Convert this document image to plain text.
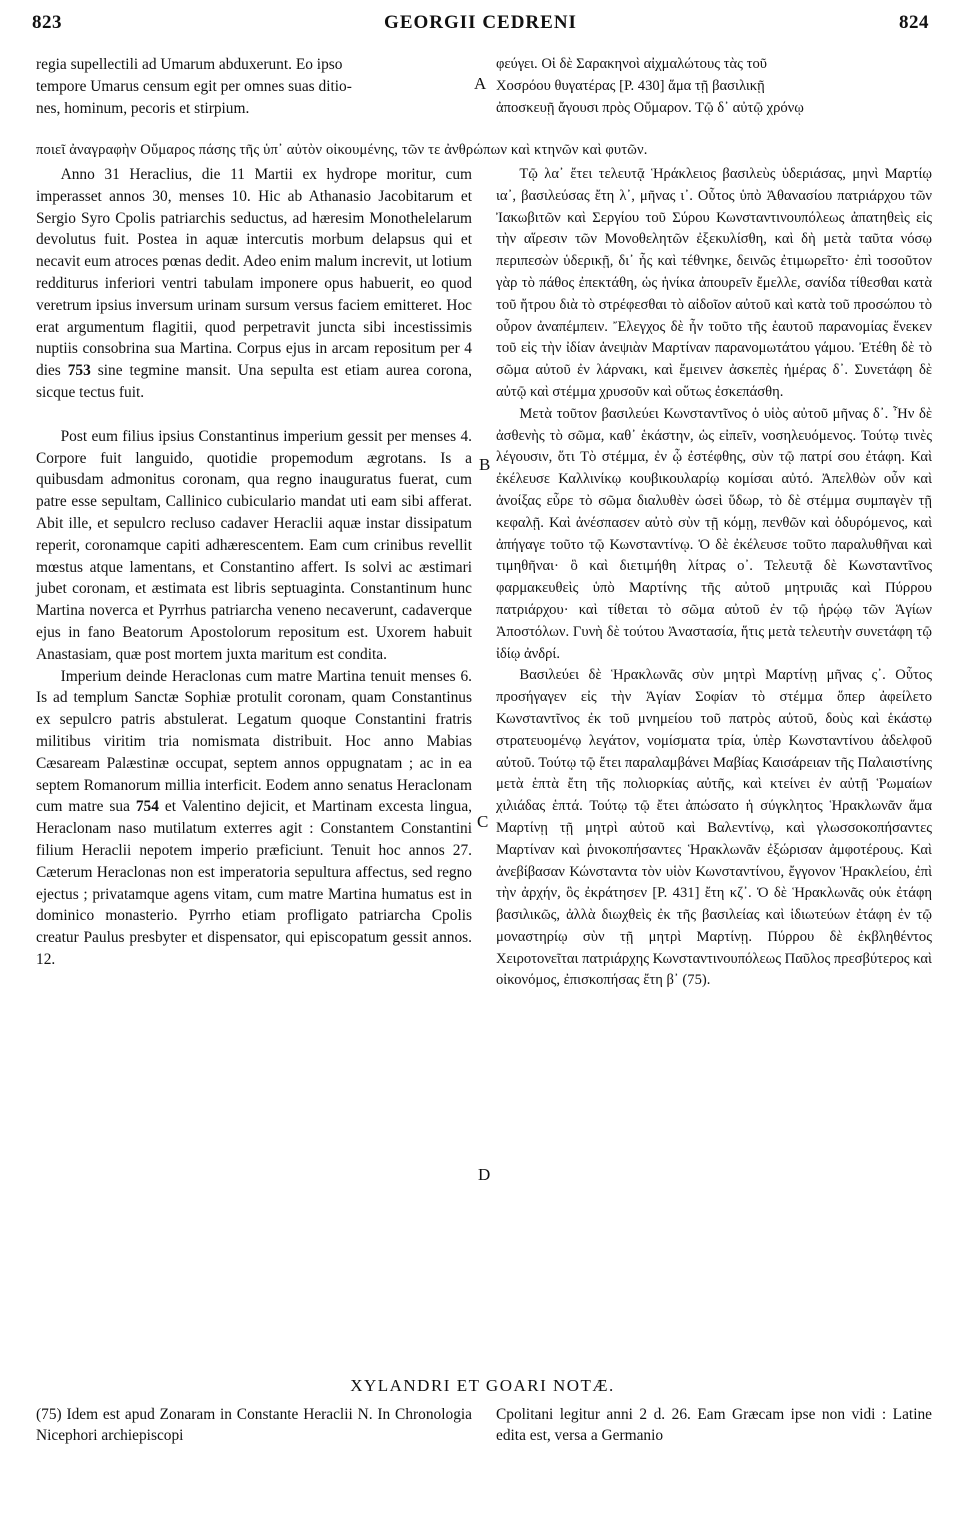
823	GEORGII CEDRENI	824
A
B
C
D
regia supellectili ad Umarum abduxerunt. Eo ipso
tempore Umarus censum egit per omnes suas ditio-
nes, hominum, pecoris et stirpium.
φεύγει. Οἱ δὲ Σαρακηνοὶ αἰχμαλώτους τὰς τοῦ
Χοσρόου θυγατέρας [P. 430] ἅμα τῇ βασιλικῇ
ἀποσκευῇ ἄγουσι πρὸς Οὔμαρον. Τῷ δ᾽ αὐτῷ χρόνῳ
ποιεῖ ἀναγραφὴν Οὔμαρος πάσης τῆς ὑπ᾽ αὐτὸν οἰκουμένης, τῶν τε ἀνθρώπων καὶ κτηνῶν καὶ φυτῶν.

Anno 31 Heraclius, die 11 Martii ex hydrope moritur, cum imperasset annos 30, menses 10. Hic ab Athanasio Jacobitarum et Sergio Syro Cpolis patriarchis seductus, ad hæresim Monothelelarum devolutus fuit. Postea in aquæ intercutis morbum delapsus qui et necavit eum atroces pœnas dedit. Adeo enim malum increvit, ut lotium redditurus inferiori ventri tabulam imponere opus habuerit, eo quod veretrum ipsius inversum urinam sursum versus faciem emitteret. Hoc erat argumentum flagitii, quod perpetravit juncta sibi incestissimis nuptiis consobrina sua Martina. Corpus ejus in arcam repositum per 4 dies 753 sine tegmine mansit. Una sepulta est etiam aurea corona, sicque tectus fuit.

Post eum filius ipsius Constantinus imperium gessit per menses 4. Corpore fuit languido, quotidie propemodum ægrotans. Is a quibusdam admonitus coronam, qua regno inauguratus fuerat, cum patre esse sepultam, Callinico cubiculario mandat uti eam sibi afferat. Abit ille, et sepulcro recluso cadaver Heraclii aquæ instar dissipatum reperit, coronamque capiti adhærescentem. Eam cum crinibus revellit mœstus atque lamentans, et Constantino affert. Is solvi ac æstimari jubet coronam, et æstimata est libris septuaginta. Constantinum hunc Martina noverca et Pyrrhus patriarcha veneno necaverunt, cadaverque ejus in fano Beatorum Apostolorum repositum est. Uxorem habuit Anastasiam, quæ post mortem juxta maritum est condita.

Imperium deinde Heraclonas cum matre Martina tenuit menses 6. Is ad templum Sanctæ Sophiæ protulit coronam, quam Constantinus ex sepulcro patris abstulerat. Legatum quoque Constantini fratris militibus viritim tria nomismata distribuit. Hoc anno Mabias Cæsaream Palæstinæ occupat, septem annos oppugnatam ; ac in ea septem Romanorum millia interficit. Eodem anno senatus Heraclonam cum matre sua 754 et Valentino dejicit, et Martinam excesta lingua, Heraclonam naso mutilatum exterres agit : Constantem Constantini filium Heraclii nepotem imperio præficiunt. Tenuit hoc annos 27. Cæterum Heraclonas non est imperatoria sepultura affectus, sed regno ejectus ; privatamque agens vitam, cum matre Martina humatus est in dominico monasterio. Pyrrho etiam profligato patriarcha Cpolis creatur Paulus presbyter et dispensator, qui episcopatum gessit annos. 12.

Τῷ λα᾽ ἔτει τελευτᾷ Ἡράκλειος βασιλεὺς ὑδεριάσας, μηνὶ Μαρτίῳ ια᾽, βασιλεύσας ἔτη λ᾽, μῆνας ι᾽. Οὗτος ὑπὸ Ἀθανασίου πατριάρχου τῶν Ἰακωβιτῶν καὶ Σεργίου τοῦ Σύρου Κωνσταντινουπόλεως ἀπατηθεὶς εἰς τὴν αἵρεσιν τῶν Μονοθελητῶν ἐξεκυλίσθη, καὶ δὴ μετὰ ταῦτα νόσῳ περιπεσὼν ὑδερικῇ, δι᾽ ἧς καὶ τέθνηκε, δεινῶς ἐτιμωρεῖτο· ἐπὶ τοσοῦτον γὰρ τὸ πάθος ἐπεκτάθη, ὡς ἡνίκα ἀπουρεῖν ἔμελλε, σανίδα τίθεσθαι κατὰ τοῦ ἤτρου διὰ τὸ στρέφεσθαι τὸ αἰδοῖον αὐτοῦ καὶ κατὰ τοῦ προσώπου τὸ οὖρον ἀναπέμπειν. Ἔλεγχος δὲ ἦν τοῦτο τῆς ἑαυτοῦ παρανομίας ἕνεκεν τοῦ εἰς τὴν ἰδίαν ἀνεψιὰν Μαρτίναν παρανομωτάτου γάμου. Ἐτέθη δὲ τὸ σῶμα αὐτοῦ ἐν λάρνακι, καὶ ἔμεινεν ἀσκεπὲς ἡμέρας δ᾽. Συνετάφη δὲ αὐτῷ καὶ στέμμα χρυσοῦν καὶ οὕτως ἐσκεπάσθη.

Μετὰ τοῦτον βασιλεύει Κωνσταντῖνος ὁ υἱὸς αὐτοῦ μῆνας δ᾽. Ἦν δὲ ἀσθενὴς τὸ σῶμα, καθ᾽ ἑκάστην, ὡς εἰπεῖν, νοσηλευόμενος. Τούτῳ τινὲς λέγουσιν, ὅτι Τὸ στέμμα, ἐν ᾧ ἐστέφθης, σὺν τῷ πατρί σου ἐτάφη. Καὶ ἐκέλευσε Καλλινίκῳ κουβικουλαρίῳ κομίσαι αὐτό. Ἀπελθὼν οὖν καὶ ἀνοίξας εὗρε τὸ σῶμα διαλυθὲν ὡσεὶ ὕδωρ, τὸ δὲ στέμμα συμπαγὲν τῇ κεφαλῇ. Καὶ ἀνέσπασεν αὐτὸ σὺν τῇ κόμῃ, πενθῶν καὶ ὀδυρόμενος, καὶ ἀπήγαγε τοῦτο τῷ Κωνσταντίνῳ. Ὁ δὲ ἐκέλευσε τοῦτο παραλυθῆναι καὶ τιμηθῆναι· ὃ καὶ διετιμήθη λίτρας ο᾽. Τελευτᾷ δὲ Κωνσταντῖνος φαρμακευθεὶς ὑπὸ Μαρτίνης τῆς αὐτοῦ μητρυιᾶς καὶ Πύρρου πατριάρχου· καὶ τίθεται τὸ σῶμα αὐτοῦ ἐν τῷ ἡρῴῳ τῶν Ἁγίων Ἀποστόλων. Γυνὴ δὲ τούτου Ἀναστασία, ἥτις μετὰ τελευτὴν συνετάφη τῷ ἰδίῳ ἀνδρί.

Βασιλεύει δὲ Ἡρακλωνᾶς σὺν μητρὶ Μαρτίνῃ μῆνας ς᾽. Οὗτος προσήγαγεν εἰς τὴν Ἁγίαν Σοφίαν τὸ στέμμα ὅπερ ἀφείλετο Κωνσταντῖνος ἐκ τοῦ μνημείου τοῦ πατρὸς αὐτοῦ, δοὺς καὶ ἑκάστῳ στρατευομένῳ λεγάτον, νομίσματα τρία, ὑπὲρ Κωνσταντίνου ἀδελφοῦ αὐτοῦ. Τούτῳ τῷ ἔτει παραλαμβάνει Μαβίας Καισάρειαν τῆς Παλαιστίνης μετὰ ἑπτὰ ἔτη τῆς πολιορκίας αὐτῆς, καὶ κτείνει ἐν αὐτῇ Ῥωμαίων χιλιάδας ἑπτά. Τούτῳ τῷ ἔτει ἀπώσατο ἡ σύγκλητος Ἡρακλωνᾶν ἅμα Μαρτίνῃ τῇ μητρὶ αὐτοῦ καὶ Βαλεντίνῳ, καὶ γλωσσοκοπήσαντες Μαρτίναν καὶ ῥινοκοπήσαντες Ἡρακλωνᾶν ἐξώρισαν ἀμφοτέρους. Καὶ ἀνεβίβασαν Κώνσταντα τὸν υἱὸν Κωνσταντίνου, ἔγγονον Ἡρακλείου, ἐπὶ τὴν ἀρχήν, ὃς ἐκράτησεν [P. 431] ἔτη κζ᾽. Ὁ δὲ Ἡρακλωνᾶς οὐκ ἐτάφη βασιλικῶς, ἀλλὰ διωχθεὶς ἐκ τῆς βασιλείας καὶ ἰδιωτεύων ἐτάφη ἐν τῷ μοναστηρίῳ σὺν τῇ μητρὶ Μαρτίνῃ. Πύρρου δὲ ἐκβληθέντος Χειροτονεῖται πατριάρχης Κωνσταντινουπόλεως Παῦλος πρεσβύτερος καὶ οἰκονόμος, ἐπισκοπήσας ἔτη β᾽ (75).

XYLANDRI ET GOARI NOTÆ.
(75) Idem est apud Zonaram in Constante Heraclii N. In Chronologia Nicephori archiepiscopi
Cpolitani legitur anni 2 d. 26. Eam Græcam ipse non vidi : Latine edita est, versa a Germanio
